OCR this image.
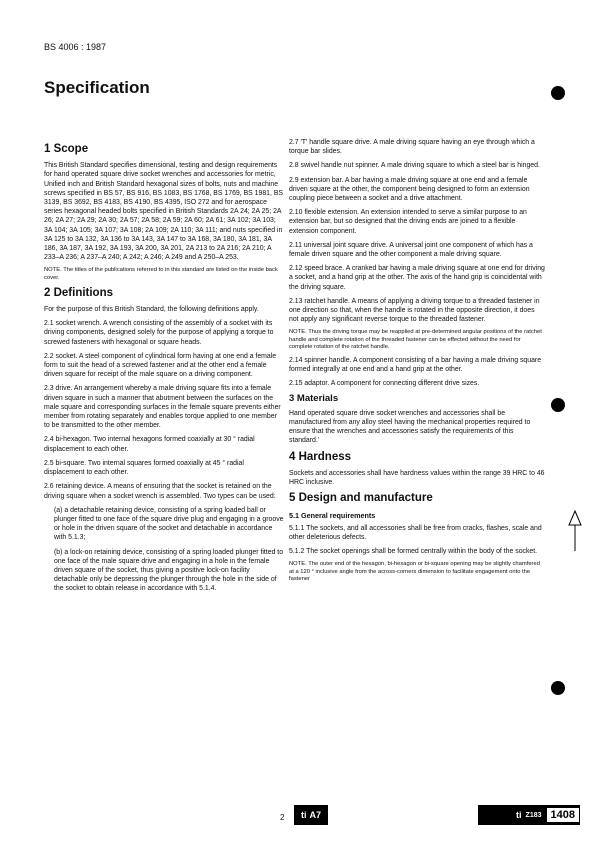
BS 4006 : 1987
Specification
1 Scope

This British Standard specifies dimensional, testing and design requirements for hand operated square drive socket wrenches and accessories for metric, Unified inch and British Standard hexagonal sizes of bolts, nuts and machine screws specified in BS 57, BS 916, BS 1083, BS 1768, BS 1769, BS 1981, BS 3139, BS 3692, BS 4183, BS 4190, BS 4395, ISO 272 and for aerospace series hexagonal headed bolts specified in British Standards 2A 24; 2A 25; 2A 26; 2A 27; 2A 29; 2A 30; 2A 57; 2A 58; 2A 59; 2A 60; 2A 61; 3A 102; 3A 103; 3A 104; 3A 105; 3A 107; 3A 108; 2A 109; 2A 110; 3A 111; and nuts specified in 3A 125 to 3A 132, 3A 136 to 3A 143, 3A 147 to 3A 168, 3A 180, 3A 181, 3A 186, 3A 187, 3A 192, 3A 193, 3A 200, 3A 201, 2A 213 to 2A 216; 2A 210; A 233–A 236; A 237–A 240; A 242; A 246; A 249 and A 250–A 253.

NOTE. The titles of the publications referred to in this standard are listed on the inside back cover.

2 Definitions

For the purpose of this British Standard, the following definitions apply.

2.1 socket wrench. A wrench consisting of the assembly of a socket with its driving components, designed solely for the purpose of applying a torque to screwed fasteners with hexagonal or square heads.

2.2 socket. A steel component of cylindrical form having at one end a female form to suit the head of a screwed fastener and at the other end a female driven square for receipt of the male square on a driving component.

2.3 drive. An arrangement whereby a male driving square fits into a female driven square in such a manner that abutment between the surfaces on the male square and corresponding surfaces in the female square prevents either member from rotating separately and enables torque applied to one member to be transmitted to the other member.

2.4 bi-hexagon. Two internal hexagons formed coaxially at 30 ° radial displacement to each other.

2.5 bi-square. Two internal squares formed coaxially at 45 ° radial displacement to each other.

2.6 retaining device. A means of ensuring that the socket is retained on the driving square when a socket wrench is assembled. Two types can be used:

(a) a detachable retaining device, consisting of a spring loaded ball or plunger fitted to one face of the square drive plug and engaging in a groove or hole in the driven square of the socket and detachable in accordance with 5.1.3;

(b) a lock-on retaining device, consisting of a spring loaded plunger fitted to one face of the male square drive and engaging in a hole in the female driven square of the socket, thus giving a positive lock-on facility detachable only be depressing the plunger through the hole in the side of the socket to obtain release in accordance with 5.1.4.

2.7 'T' handle square drive. A male driving square having an eye through which a torque bar slides.

2.8 swivel handle nut spinner. A male driving square to which a steel bar is hinged.

2.9 extension bar. A bar having a male driving square at one end and a female driven square at the other, the component being designed to form an extension coupling piece between a socket and a drive attachment.

2.10 flexible extension. An extension intended to serve a similar purpose to an extension bar, but so designed that the driving ends are joined to a flexible extension component.

2.11 universal joint square drive. A universal joint one component of which has a female driven square and the other component a male driving square.

2.12 speed brace. A cranked bar having a male driving square at one end for driving a socket, and a hand grip at the other. The axis of the hand grip is coincidental with the driving square.

2.13 ratchet handle. A means of applying a driving torque to a threaded fastener in one direction so that, when the handle is rotated in the opposite direction, it does not apply any significant reverse torque to the threaded fastener.

NOTE. Thus the driving torque may be reapplied at pre-determined angular positions of the ratchet handle and complete rotation of the threaded fastener can be effected without the need for complete rotation of the ratchet handle.

2.14 spinner handle. A component consisting of a bar having a male driving square formed integrally at one end and a hand grip at the other.

2.15 adaptor. A component for connecting different drive sizes.

3 Materials

Hand operated square drive socket wrenches and accessories shall be manufactured from any alloy steel having the mechanical properties required to ensure that the wrenches and accessories satisfy the requirements of this standard.'

4 Hardness

Sockets and accessories shall have hardness values within the range 39 HRC to 46 HRC inclusive.

5 Design and manufacture
5.1 General requirements

5.1.1 The sockets, and all accessories shall be free from cracks, flashes, scale and other deleterious defects.

5.1.2 The socket openings shall be formed centrally within the body of the socket.

NOTE. The outer end of the hexagon, bi-hexagon or bi-square opening may be slightly chamfered at a 120 ° inclusive angle from the across-corners dimension to facilitate engagement onto the fastener

2 ti A7	ti Z183 1408
